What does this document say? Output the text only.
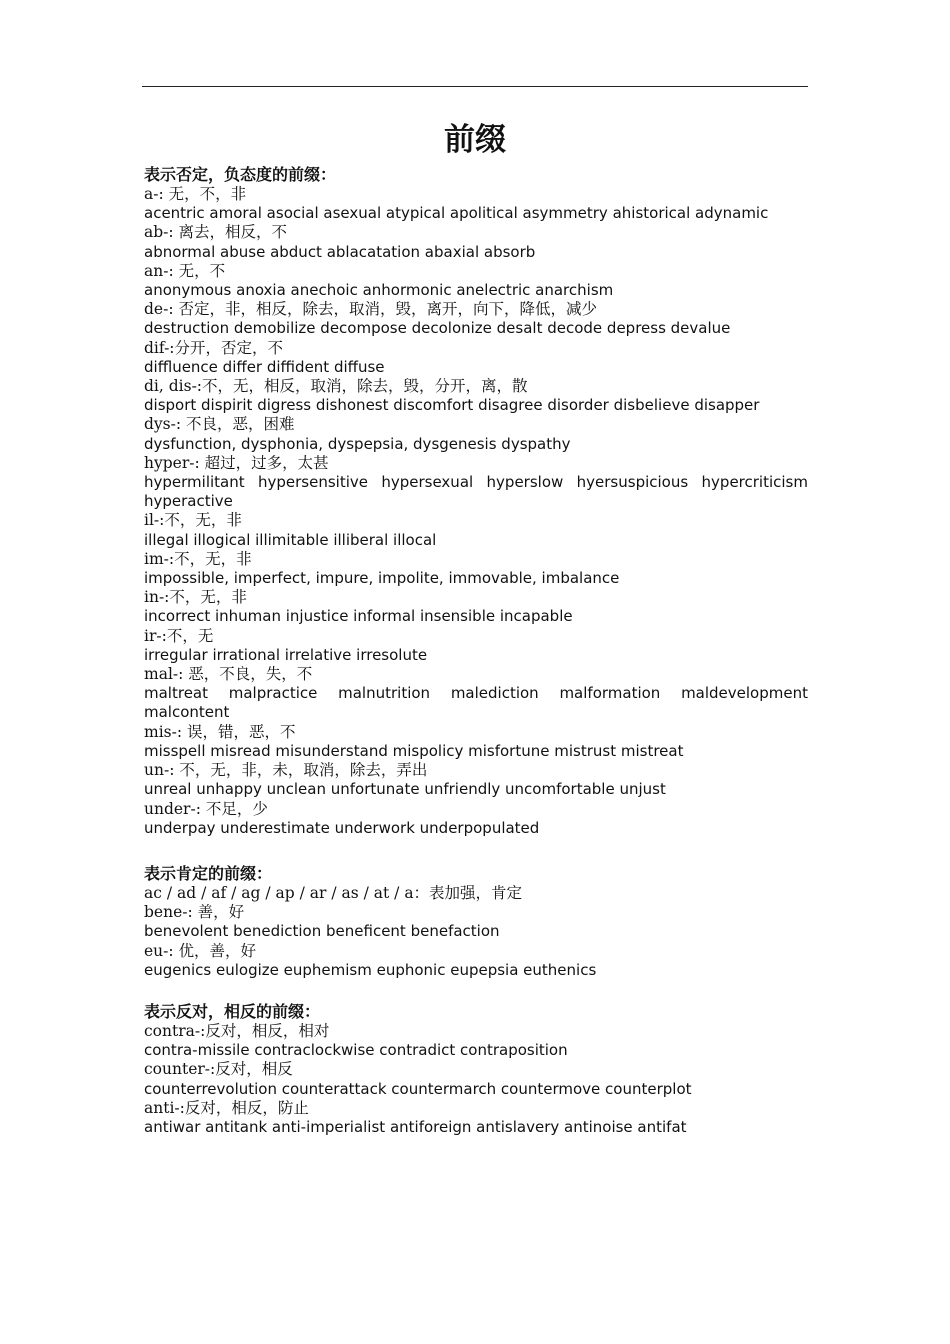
前缀
表示否定，负态度的前缀：
a-: 无，不，非
acentric amoral asocial asexual atypical apolitical asymmetry ahistorical adynamic
ab-: 离去，相反，不
abnormal abuse abduct ablacatation abaxial absorb
an-: 无，不
anonymous anoxia anechoic anhormonic anelectric anarchism
de-: 否定，非，相反，除去，取消，毁，离开，向下，降低，减少
destruction demobilize decompose decolonize desalt decode depress devalue
dif-:分开，否定，不
diffluence differ diffident diffuse
di, dis-:不，无，相反，取消，除去，毁，分开，离，散
disport dispirit digress dishonest discomfort disagree disorder disbelieve disapper
dys-: 不良，恶，困难
dysfunction, dysphonia, dyspepsia, dysgenesis dyspathy
hyper-: 超过，过多，太甚
hypermilitant hypersensitive hypersexual hyperslow hyersuspicious hypercriticism hyperactive
il-:不，无，非
illegal illogical illimitable illiberal illocal
im-:不，无，非
impossible, imperfect, impure, impolite, immovable, imbalance
in-:不，无，非
incorrect inhuman injustice informal insensible incapable
ir-:不，无
irregular irrational irrelative irresolute
mal-: 恶，不良，失，不
maltreat malpractice malnutrition malediction malformation maldevelopment malcontent
mis-: 误，错，恶，不
misspell misread misunderstand mispolicy misfortune mistrust mistreat
un-: 不，无，非，未，取消，除去，弄出
unreal unhappy unclean unfortunate unfriendly uncomfortable unjust
under-: 不足，少
underpay underestimate underwork underpopulated
表示肯定的前缀：
ac / ad / af / ag / ap / ar / as / at / a：表加强，肯定
bene-: 善，好
benevolent benediction beneficent benefaction
eu-: 优，善，好
eugenics eulogize euphemism euphonic eupepsia euthenics
表示反对，相反的前缀：
contra-:反对，相反，相对
contra-missile contraclockwise contradict contraposition
counter-:反对，相反
counterrevolution counterattack countermarch countermove counterplot
anti-:反对，相反，防止
antiwar antitank anti-imperialist antiforeign antislavery antinoise antifat
